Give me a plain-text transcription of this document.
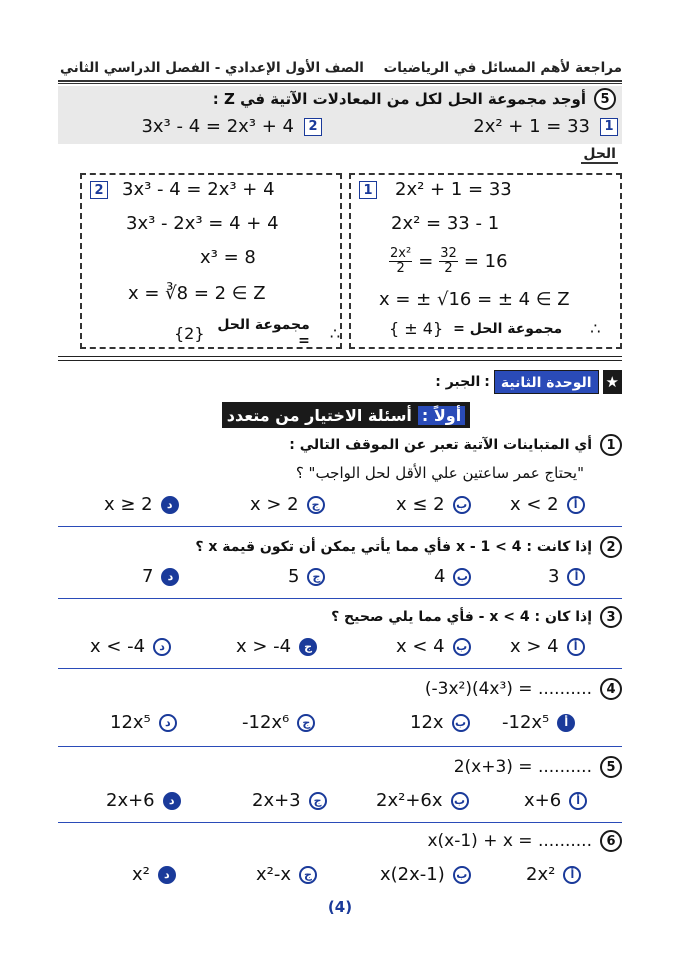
مراجعة لأهم المسائل في الرياضيات
الصف الأول الإعدادي - الفصل الدراسي الثاني
5
أوجد مجموعة الحل لكل من المعادلات الآتية في Z :
1
2x² + 1 = 33
2
3x³ - 4 = 2x³ + 4
الحل
1 2x² + 1 = 33
2x² = 33 - 1
$\frac{\text{2x²}}{2} = \frac{32}{2} = 16$
x = ± √16 = ± 4 ∈ Z
{ ± 4} مجموعة الحل = ∴
2 3x³ - 4 = 2x³ + 4
3x³ - 2x³ = 4 + 4
x³ = 8
x = ∛8 = 2 ∈ Z
{2} مجموعة الحل = ∴
★
الوحدة الثانية
:
الجبر :
أولاً :
أسئلة الاختيار من متعدد
1
أي المتباينات الآتية تعبر عن الموقف التالي :
"يحتاج عمر ساعتين علي الأقل لحل الواجب" ؟
x < 2	أ
x ≤ 2	ب
x > 2	ج
x ≥ 2	د
2
إذا كانت : 4 > 1 - x فأي مما يأتي يمكن أن تكون قيمة x ؟
3	أ
4	ب
5	ج
7	د
3
إذا كان : 4 > x - فأي مما يلي صحيح ؟
x > 4	أ
x < 4	ب
x > -4	ج
x < -4	د
4
(-3x²)(4x³) = ..........
-12x⁵	أ
12x	ب
-12x⁶	ج
12x⁵	د
5
2(x+3) = ..........
x+6	أ
2x²+6x	ب
2x+3	ج
2x+6	د
6
x(x-1) + x = ..........
2x²	أ
x(2x-1)	ب
x²-x	ج
x²	د
(4)
